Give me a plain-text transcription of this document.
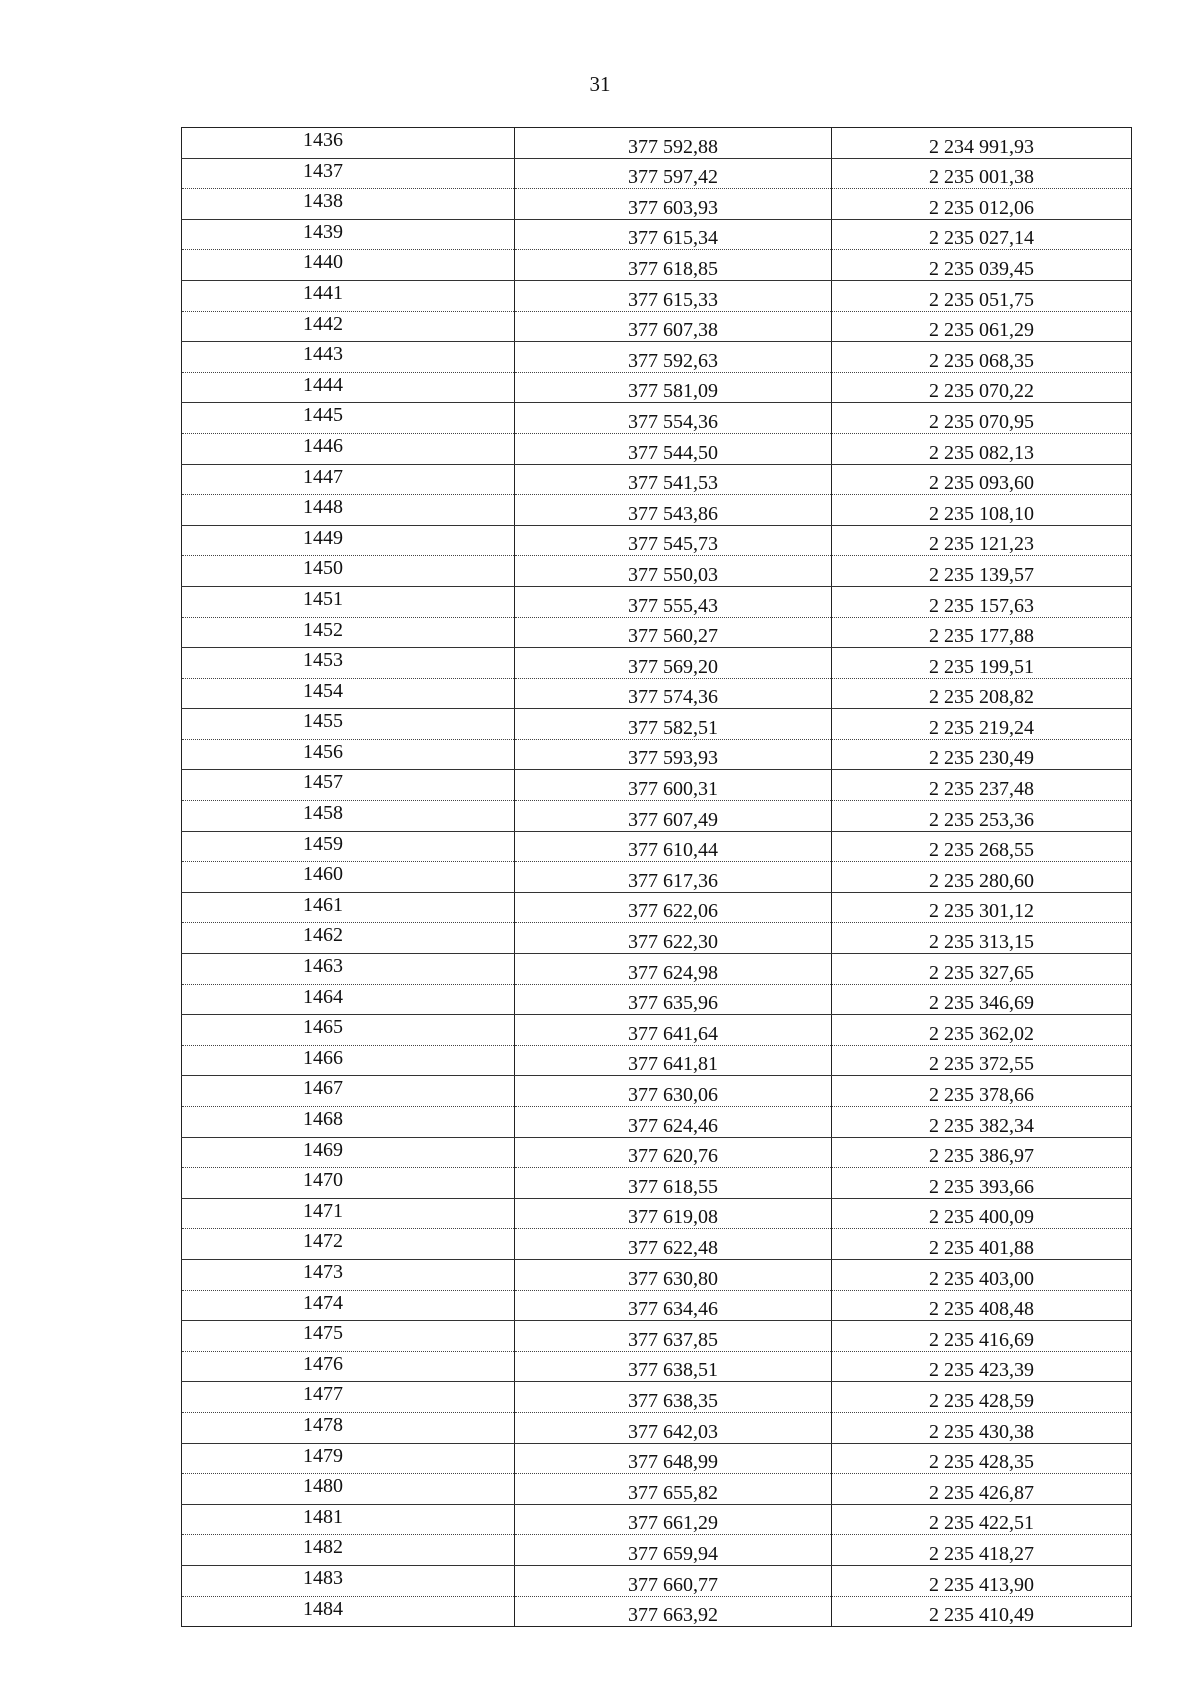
31
1436	377 592,88	2 234 991,93
1437	377 597,42	2 235 001,38
1438	377 603,93	2 235 012,06
1439	377 615,34	2 235 027,14
1440	377 618,85	2 235 039,45
1441	377 615,33	2 235 051,75
1442	377 607,38	2 235 061,29
1443	377 592,63	2 235 068,35
1444	377 581,09	2 235 070,22
1445	377 554,36	2 235 070,95
1446	377 544,50	2 235 082,13
1447	377 541,53	2 235 093,60
1448	377 543,86	2 235 108,10
1449	377 545,73	2 235 121,23
1450	377 550,03	2 235 139,57
1451	377 555,43	2 235 157,63
1452	377 560,27	2 235 177,88
1453	377 569,20	2 235 199,51
1454	377 574,36	2 235 208,82
1455	377 582,51	2 235 219,24
1456	377 593,93	2 235 230,49
1457	377 600,31	2 235 237,48
1458	377 607,49	2 235 253,36
1459	377 610,44	2 235 268,55
1460	377 617,36	2 235 280,60
1461	377 622,06	2 235 301,12
1462	377 622,30	2 235 313,15
1463	377 624,98	2 235 327,65
1464	377 635,96	2 235 346,69
1465	377 641,64	2 235 362,02
1466	377 641,81	2 235 372,55
1467	377 630,06	2 235 378,66
1468	377 624,46	2 235 382,34
1469	377 620,76	2 235 386,97
1470	377 618,55	2 235 393,66
1471	377 619,08	2 235 400,09
1472	377 622,48	2 235 401,88
1473	377 630,80	2 235 403,00
1474	377 634,46	2 235 408,48
1475	377 637,85	2 235 416,69
1476	377 638,51	2 235 423,39
1477	377 638,35	2 235 428,59
1478	377 642,03	2 235 430,38
1479	377 648,99	2 235 428,35
1480	377 655,82	2 235 426,87
1481	377 661,29	2 235 422,51
1482	377 659,94	2 235 418,27
1483	377 660,77	2 235 413,90
1484	377 663,92	2 235 410,49
